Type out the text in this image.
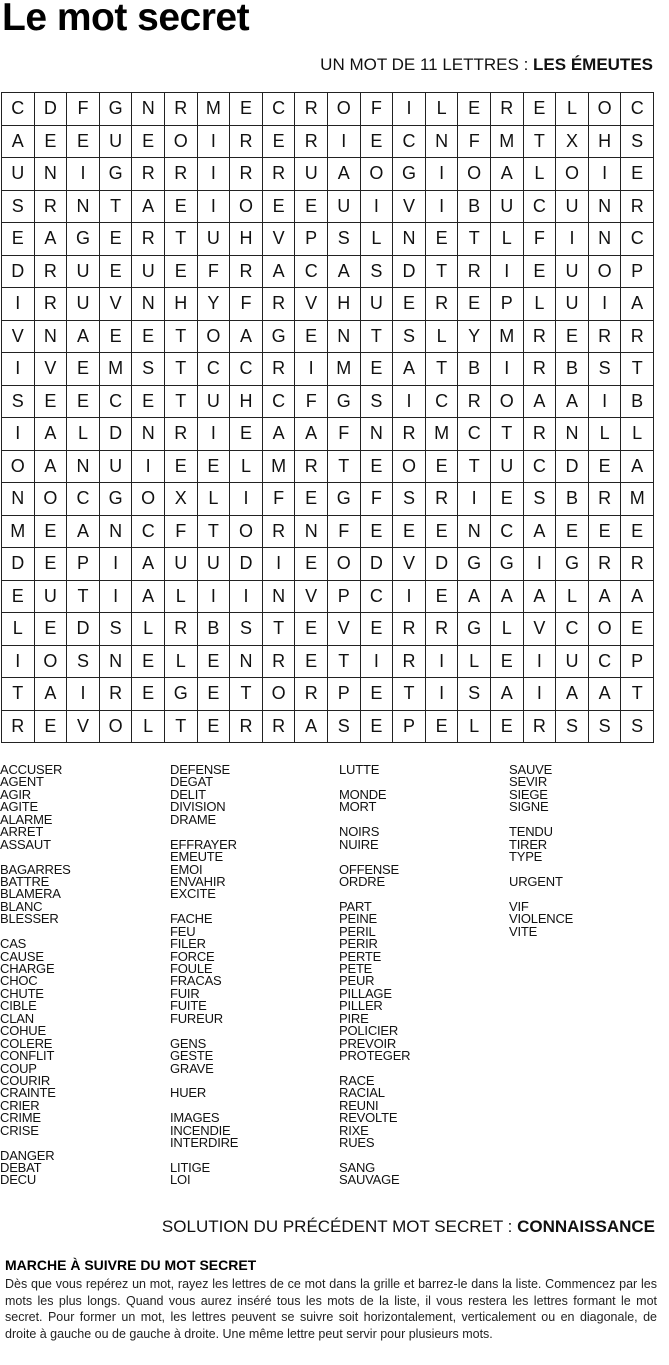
Le mot secret
UN MOT DE 11 LETTRES : LES ÉMEUTES
C	D	F	G	N	R	M	E	C	R	O	F	I	L	E	R	E	L	O	C
A	E	E	U	E	O	I	R	E	R	I	E	C	N	F	M	T	X	H	S
U	N	I	G	R	R	I	R	R	U	A	O	G	I	O	A	L	O	I	E
S	R	N	T	A	E	I	O	E	E	U	I	V	I	B	U	C	U	N	R
E	A	G	E	R	T	U	H	V	P	S	L	N	E	T	L	F	I	N	C
D	R	U	E	U	E	F	R	A	C	A	S	D	T	R	I	E	U	O	P
I	R	U	V	N	H	Y	F	R	V	H	U	E	R	E	P	L	U	I	A
V	N	A	E	E	T	O	A	G	E	N	T	S	L	Y	M	R	E	R	R
I	V	E	M	S	T	C	C	R	I	M	E	A	T	B	I	R	B	S	T
S	E	E	C	E	T	U	H	C	F	G	S	I	C	R	O	A	A	I	B
I	A	L	D	N	R	I	E	A	A	F	N	R	M	C	T	R	N	L	L
O	A	N	U	I	E	E	L	M	R	T	E	O	E	T	U	C	D	E	A
N	O	C	G	O	X	L	I	F	E	G	F	S	R	I	E	S	B	R	M
M	E	A	N	C	F	T	O	R	N	F	E	E	E	N	C	A	E	E	E
D	E	P	I	A	U	U	D	I	E	O	D	V	D	G	G	I	G	R	R
E	U	T	I	A	L	I	I	N	V	P	C	I	E	A	A	A	L	A	A
L	E	D	S	L	R	B	S	T	E	V	E	R	R	G	L	V	C	O	E
I	O	S	N	E	L	E	N	R	E	T	I	R	I	L	E	I	U	C	P
T	A	I	R	E	G	E	T	O	R	P	E	T	I	S	A	I	A	A	T
R	E	V	O	L	T	E	R	R	A	S	E	P	E	L	E	R	S	S	S
ACCUSER
AGENT
AGIR
AGITE
ALARME
ARRET
ASSAUT
BAGARRES
BATTRE
BLAMERA
BLANC
BLESSER
CAS
CAUSE
CHARGE
CHOC
CHUTE
CIBLE
CLAN
COHUE
COLERE
CONFLIT
COUP
COURIR
CRAINTE
CRIER
CRIME
CRISE
DANGER
DEBAT
DECU
DEFENSE
DEGAT
DELIT
DIVISION
DRAME
EFFRAYER
EMEUTE
EMOI
ENVAHIR
EXCITE
FACHE
FEU
FILER
FORCE
FOULE
FRACAS
FUIR
FUITE
FUREUR
GENS
GESTE
GRAVE
HUER
IMAGES
INCENDIE
INTERDIRE
LITIGE
LOI
LUTTE
MONDE
MORT
NOIRS
NUIRE
OFFENSE
ORDRE
PART
PEINE
PERIL
PERIR
PERTE
PETE
PEUR
PILLAGE
PILLER
PIRE
POLICIER
PREVOIR
PROTEGER
RACE
RACIAL
REUNI
REVOLTE
RIXE
RUES
SANG
SAUVAGE
SAUVE
SEVIR
SIEGE
SIGNE
TENDU
TIRER
TYPE
URGENT
VIF
VIOLENCE
VITE
SOLUTION DU PRÉCÉDENT MOT SECRET : CONNAISSANCE
MARCHE À SUIVRE DU MOT SECRET
Dès que vous repérez un mot, rayez les lettres de ce mot dans la grille et barrez-le dans la liste. Commencez par les mots les plus longs. Quand vous aurez inséré tous les mots de la liste, il vous restera les lettres formant le mot secret. Pour former un mot, les lettres peuvent se suivre soit horizontalement, verticalement ou en diagonale, de droite à gauche ou de gauche à droite. Une même lettre peut servir pour plusieurs mots.
